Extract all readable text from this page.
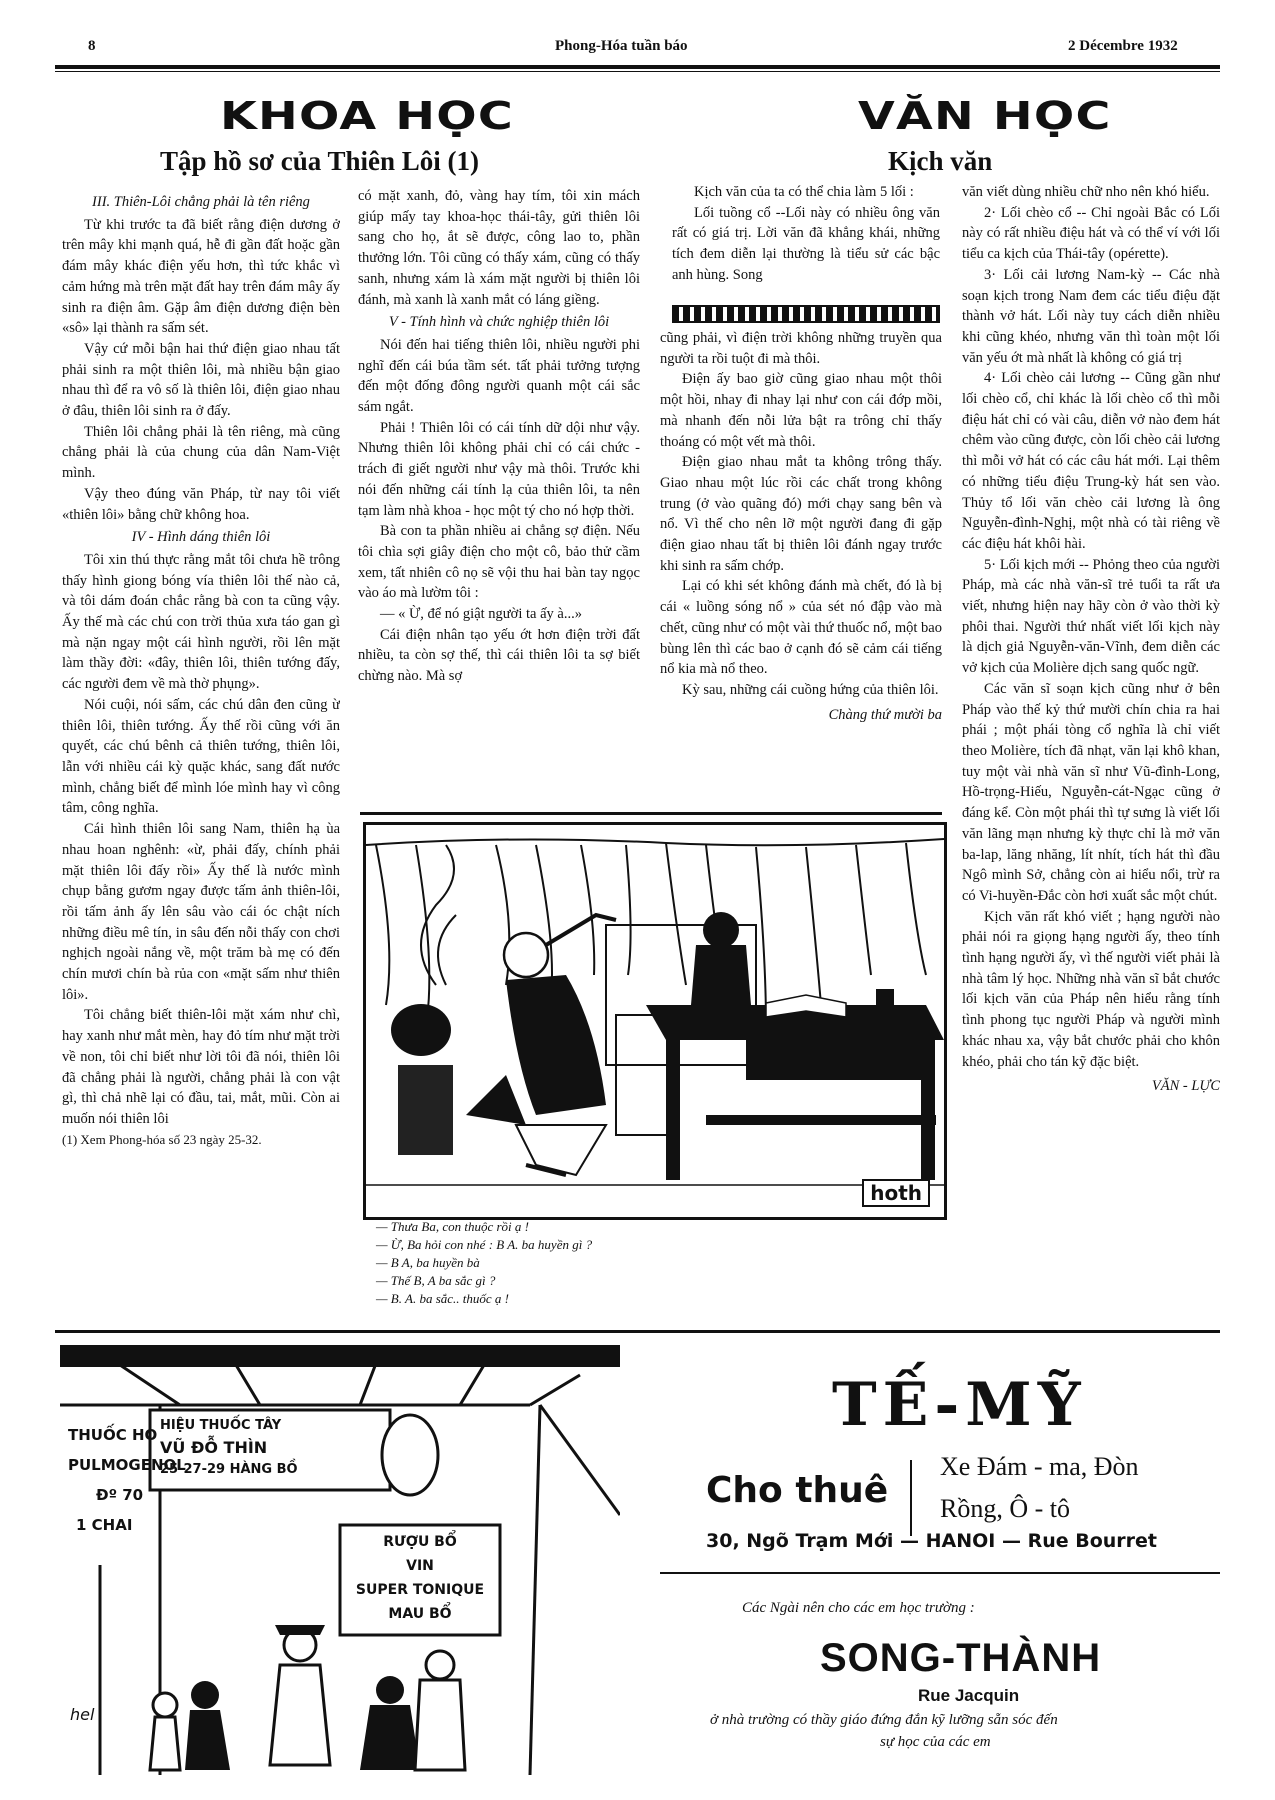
8	Phong-Hóa tuần báo	2 Décembre 1932
KHOA HỌC
Tập hồ sơ của Thiên Lôi (1)
VĂN HỌC
Kịch văn

III. Thiên-Lôi chẳng phải là tên riêng

Từ khi trước ta đã biết rằng điện dương ở trên mây khi mạnh quá, hễ đi gần đất hoặc gần đám mây khác điện yếu hơn, thì tức khắc vì cảm hứng mà trên mặt đất hay trên đám mây ấy sinh ra điện âm. Gặp âm điện dương điện bèn «sô» lại thành ra sấm sét.

Vậy cứ mỗi bận hai thứ điện giao nhau tất phải sinh ra một thiên lôi, mà nhiều bận giao nhau thì để ra vô số là thiên lôi, điện giao nhau ở đâu, thiên lôi sinh ra ở đấy.

Thiên lôi chẳng phải là tên riêng, mà cũng chẳng phải là của chung của dân Nam-Việt mình.

Vậy theo đúng văn Pháp, từ nay tôi viết «thiên lôi» bằng chữ không hoa.

IV - Hình dáng thiên lôi

Tôi xin thú thực rằng mắt tôi chưa hề trông thấy hình giong bóng vía thiên lôi thế nào cả, và tôi dám đoán chắc rằng bà con ta cũng vậy. Ấy thế mà các chú con trời thủa xưa táo gan gì mà nặn ngay một cái hình người, rồi lên mặt làm thầy đời: «đây, thiên lôi, thiên tướng đấy, các người đem về mà thờ phụng».

Nói cuội, nói sấm, các chú dân đen cũng ừ thiên lôi, thiên tướng. Ấy thế rồi cũng với ăn quyết, các chú bênh cả thiên tướng, thiên lôi, lẫn với nhiều cái kỳ quặc khác, sang đất nước mình, chẳng biết để mình lóe mình hay vì công tâm, công nghĩa.

Cái hình thiên lôi sang Nam, thiên hạ ùa nhau hoan nghênh: «ừ, phải đấy, chính phải mặt thiên lôi đấy rồi» Ấy thế là nước mình chụp bằng gươm ngay được tấm ảnh thiên-lôi, rồi tấm ảnh ấy lên sâu vào cái óc chật ních những điều mê tín, in sâu đến nỗi thấy con chơi nghịch ngoài nắng về, một trăm bà mẹ có đến chín mươi chín bà rủa con «mặt sấm như thiên lôi».

Tôi chẳng biết thiên-lôi mặt xám như chì, hay xanh như mắt mèn, hay đỏ tím như mặt trời về non, tôi chỉ biết như lời tôi đã nói, thiên lôi đã chẳng phải là người, chẳng phải là con vật gì, thì chả nhẽ lại có đầu, tai, mắt, mũi. Còn ai muốn nói thiên lôi

(1) Xem Phong-hóa số 23 ngày 25-32.

có mặt xanh, đỏ, vàng hay tím, tôi xin mách giúp mấy tay khoa-học thái-tây, gửi thiên lôi sang cho họ, ắt sẽ được, công lao to, phần thưởng lớn. Tôi cũng có thấy xám, cũng có thấy sanh, nhưng xám là xám mặt người bị thiên lôi đánh, mà xanh là xanh mắt có láng giềng.

V - Tính hình và chức nghiệp thiên lôi

Nói đến hai tiếng thiên lôi, nhiều người phi nghĩ đến cái búa tầm sét. tất phải tưởng tượng đến một đống đông người quanh một cái sắc sám ngắt.

Phải ! Thiên lôi có cái tính dữ dội như vậy. Nhưng thiên lôi không phải chỉ có cái chức - trách đi giết người như vậy mà thôi. Trước khi nói đến những cái tính lạ của thiên lôi, ta nên tạm làm nhà khoa - học một tý cho nó hợp thời.

Bà con ta phần nhiều ai chẳng sợ điện. Nếu tôi chìa sợi giây điện cho một cô, bảo thử cầm xem, tất nhiên cô nọ sẽ vội thu hai bàn tay ngọc vào áo mà lườm tôi :

— « Ừ, để nó giật người ta ấy à...»

Cái điện nhân tạo yếu ớt hơn điện trời đất nhiều, ta còn sợ thế, thì cái thiên lôi ta sợ biết chừng nào. Mà sợ

Kịch văn của ta có thể chia làm 5 lối :

Lối tuồng cổ --Lối này có nhiều ông văn rất có giá trị. Lời văn đã khẳng khái, những tích đem diễn lại thường là tiểu sử các bậc anh hùng. Song

cũng phải, vì điện trời không những truyền qua người ta rồi tuột đi mà thôi.

Điện ấy bao giờ cũng giao nhau một thôi một hồi, nhay đi nhay lại như con cái đớp mồi, mà nhanh đến nỗi lửa bật ra trông chỉ thấy thoáng có một vết mà thôi.

Điện giao nhau mắt ta không trông thấy. Giao nhau một lúc rồi các chất trong không trung (ở vào quãng đó) mới chạy sang bên và nổ. Vì thế cho nên lỡ một người đang đi gặp điện giao nhau tất bị thiên lôi đánh ngay trước khi sinh ra sấm chớp.

Lại có khi sét không đánh mà chết, đó là bị cái « luồng sóng nổ » của sét nó đập vào mà chết, cũng như có một vài thứ thuốc nổ, một bao bùng lên thì các bao ở cạnh đó sẽ cảm cái tiếng nổ kia mà nổ theo.

Kỳ sau, những cái cuồng hứng của thiên lôi.

Chàng thứ mười ba

văn viết dùng nhiều chữ nho nên khó hiểu.

2· Lối chèo cổ -- Chỉ ngoài Bắc có Lối này có rất nhiều điệu hát và có thể ví với lối tiểu ca kịch của Thái-tây (opérette).

3· Lối cải lương Nam-kỳ -- Các nhà soạn kịch trong Nam đem các tiểu điệu đặt thành vở hát. Lối này tuy cách diễn nhiều khi cũng khéo, nhưng văn thì toàn một lối văn yếu ớt mà nhất là không có giá trị

4· Lối chèo cải lương -- Cũng gần như lối chèo cổ, chỉ khác là lối chèo cổ thì mỗi điệu hát chỉ có vài câu, diễn vở nào đem hát chêm vào cũng được, còn lối chèo cải lương thì mỗi vở hát có các câu hát mới. Lại thêm có những tiểu điệu Trung-kỳ hát sen vào. Thủy tổ lối văn chèo cải lương là ông Nguyễn-đình-Nghị, một nhà có tài riêng về các điệu hát khôi hài.

5· Lối kịch mới -- Phỏng theo của người Pháp, mà các nhà văn-sĩ trẻ tuổi ta rất ưa viết, nhưng hiện nay hãy còn ở vào thời kỳ phôi thai. Người thứ nhất viết lối kịch này là dịch giả Nguyễn-văn-Vĩnh, đem diễn các vở kịch của Molière dịch sang quốc ngữ.

Các văn sĩ soạn kịch cũng như ở bên Pháp vào thế kỷ thứ mười chín chia ra hai phái ; một phái tòng cổ nghĩa là chỉ viết theo Molière, tích đã nhạt, văn lại khô khan, tuy một vài nhà văn sĩ như Vũ-đình-Long, Hồ-trọng-Hiếu, Nguyễn-cát-Ngạc cũng ở đáng kể. Còn một phái thì tự sưng là viết lối văn lãng mạn nhưng kỳ thực chỉ là mở văn ba-lap, lăng nhăng, lít nhít, tích hát thì đầu Ngô mình Sở, chẳng còn ai hiểu nổi, trừ ra có Vi-huyền-Đắc còn hơi xuất sắc một chút.

Kịch văn rất khó viết ; hạng người nào phải nói ra giọng hạng người ấy, theo tính tình hạng người ấy, vì thế người viết phải là nhà tâm lý học. Những nhà văn sĩ bắt chước lối kịch văn của Pháp nên hiểu rằng tính tình phong tục người Pháp và người mình khác nhau xa, vậy bắt chước phải cho khôn khéo, phải cho tán kỹ đặc biệt.

VĂN - LỰC

hoth
— Thưa Ba, con thuộc rồi ạ !
— Ừ, Ba hỏi con nhé : B A. ba huyền gì ?
— B A, ba huyền bà
— Thế B, A ba sắc gì ?
— B. A. ba sắc.. thuốc ạ !
THUỐC HO
PULMOGENOL
Đº 70
1 CHAI
HIỆU THUỐC TÂY
VŨ ĐỖ THÌN
25-27-29 HÀNG BỒ
RƯỢU BỔ
VIN
SUPER TONIQUE
MAU BỔ
hel
TẾ-MỸ
Cho thuê
Xe Đám - ma, Đòn
Rồng, Ô - tô
30, Ngõ Trạm Mới — HANOI — Rue Bourret
Các Ngài nên cho các em học trường :
SONG-THÀNH
Rue Jacquin
ở nhà trường có thầy giáo đứng đắn kỹ lưỡng sẵn sóc đến
sự học của các em
